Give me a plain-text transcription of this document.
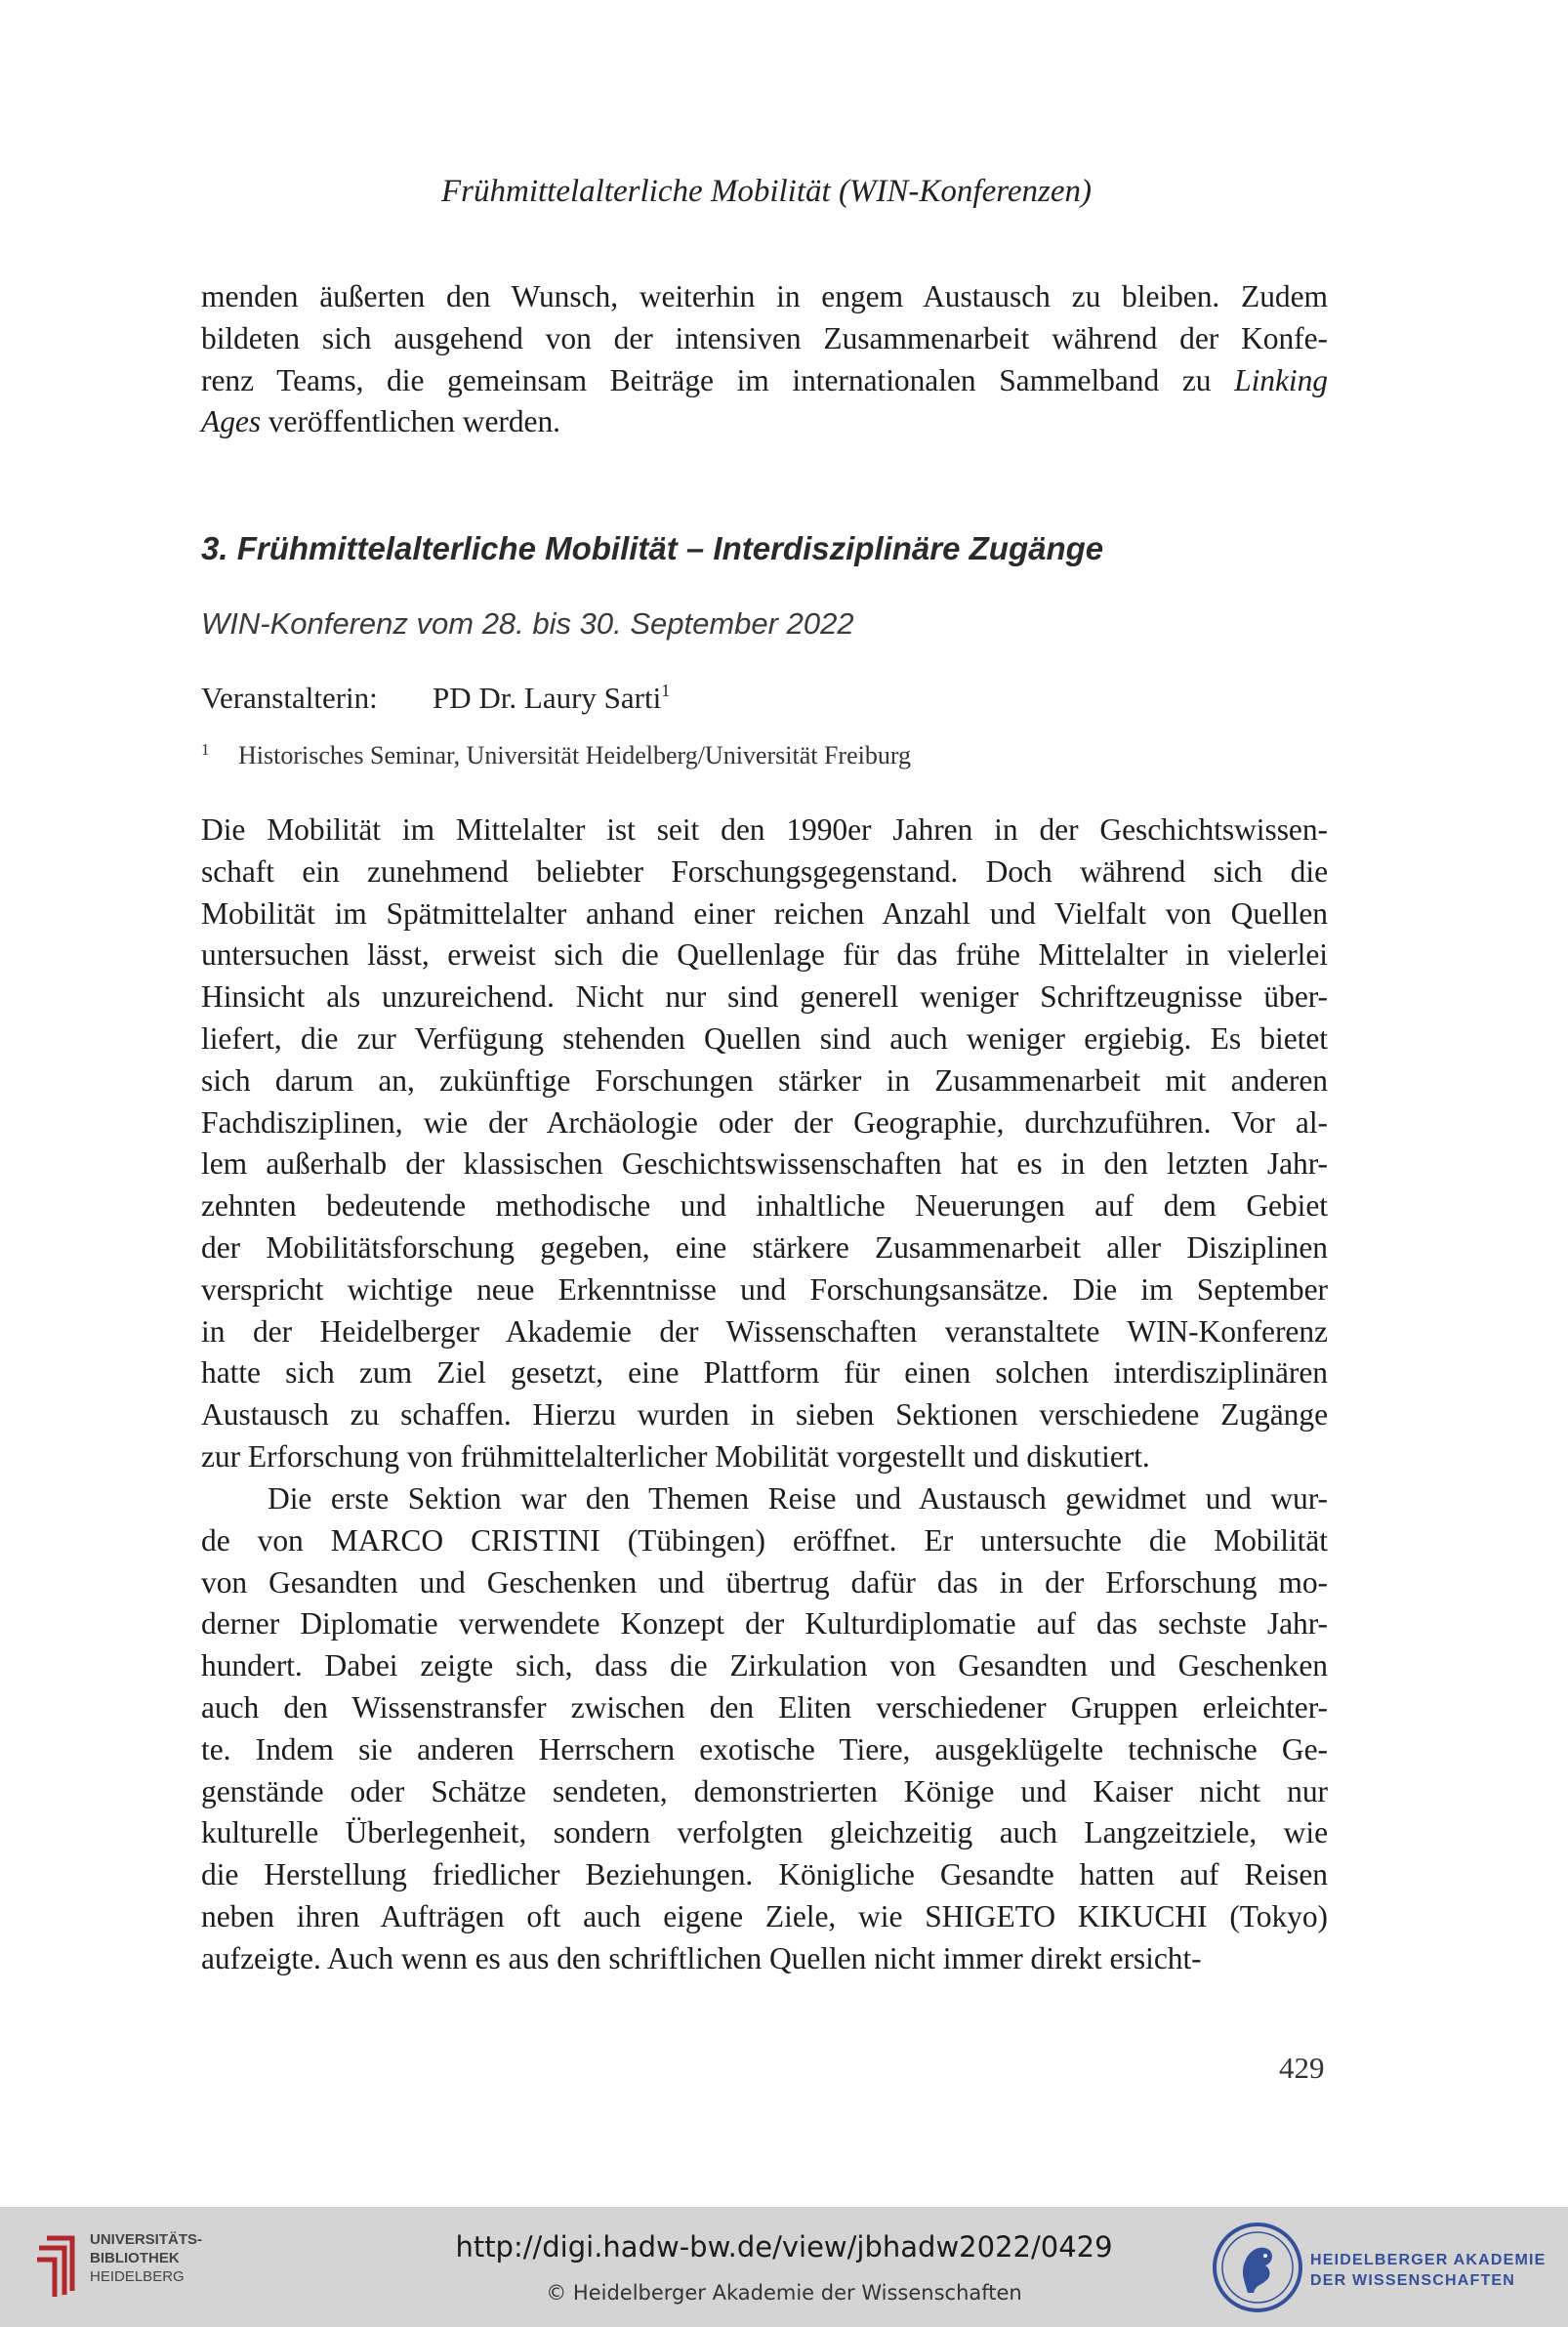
Frühmittelalterliche Mobilität (WIN-Konferenzen)

menden äußerten den Wunsch, weiterhin in engem Austausch zu bleiben. Zudem
bildeten sich ausgehend von der intensiven Zusammenarbeit während der Konfe-
renz Teams, die gemeinsam Beiträge im internationalen Sammelband zu Linking
Ages veröffentlichen werden.

3. Frühmittelalterliche Mobilität – Interdisziplinäre Zugänge
WIN-Konferenz vom 28. bis 30. September 2022
Veranstalterin: PD Dr. Laury Sarti$^1$
1 Historisches Seminar, Universität Heidelberg/Universität Freiburg

Die Mobilität im Mittelalter ist seit den 1990er Jahren in der Geschichtswissen-
schaft ein zunehmend beliebter Forschungsgegenstand. Doch während sich die
Mobilität im Spätmittelalter anhand einer reichen Anzahl und Vielfalt von Quellen
untersuchen lässt, erweist sich die Quellenlage für das frühe Mittelalter in vielerlei
Hinsicht als unzureichend. Nicht nur sind generell weniger Schriftzeugnisse über-
liefert, die zur Verfügung stehenden Quellen sind auch weniger ergiebig. Es bietet
sich darum an, zukünftige Forschungen stärker in Zusammenarbeit mit anderen
Fachdisziplinen, wie der Archäologie oder der Geographie, durchzuführen. Vor al-
lem außerhalb der klassischen Geschichtswissenschaften hat es in den letzten Jahr-
zehnten bedeutende methodische und inhaltliche Neuerungen auf dem Gebiet
der Mobilitätsforschung gegeben, eine stärkere Zusammenarbeit aller Disziplinen
verspricht wichtige neue Erkenntnisse und Forschungsansätze. Die im September
in der Heidelberger Akademie der Wissenschaften veranstaltete WIN-Konferenz
hatte sich zum Ziel gesetzt, eine Plattform für einen solchen interdisziplinären
Austausch zu schaffen. Hierzu wurden in sieben Sektionen verschiedene Zugänge
zur Erforschung von frühmittelalterlicher Mobilität vorgestellt und diskutiert.

Die erste Sektion war den Themen Reise und Austausch gewidmet und wur-
de von MARCO CRISTINI (Tübingen) eröffnet. Er untersuchte die Mobilität
von Gesandten und Geschenken und übertrug dafür das in der Erforschung mo-
derner Diplomatie verwendete Konzept der Kulturdiplomatie auf das sechste Jahr-
hundert. Dabei zeigte sich, dass die Zirkulation von Gesandten und Geschenken
auch den Wissenstransfer zwischen den Eliten verschiedener Gruppen erleichter-
te. Indem sie anderen Herrschern exotische Tiere, ausgeklügelte technische Ge-
genstände oder Schätze sendeten, demonstrierten Könige und Kaiser nicht nur
kulturelle Überlegenheit, sondern verfolgten gleichzeitig auch Langzeitziele, wie
die Herstellung friedlicher Beziehungen. Königliche Gesandte hatten auf Reisen
neben ihren Aufträgen oft auch eigene Ziele, wie SHIGETO KIKUCHI (Tokyo)
aufzeigte. Auch wenn es aus den schriftlichen Quellen nicht immer direkt ersicht-

429
UNIVERSITÄTS-
BIBLIOTHEK
HEIDELBERG
http://digi.hadw-bw.de/view/jbhadw2022/0429
© Heidelberger Akademie der Wissenschaften
HEIDELBERGER AKADEMIE
DER WISSENSCHAFTEN
